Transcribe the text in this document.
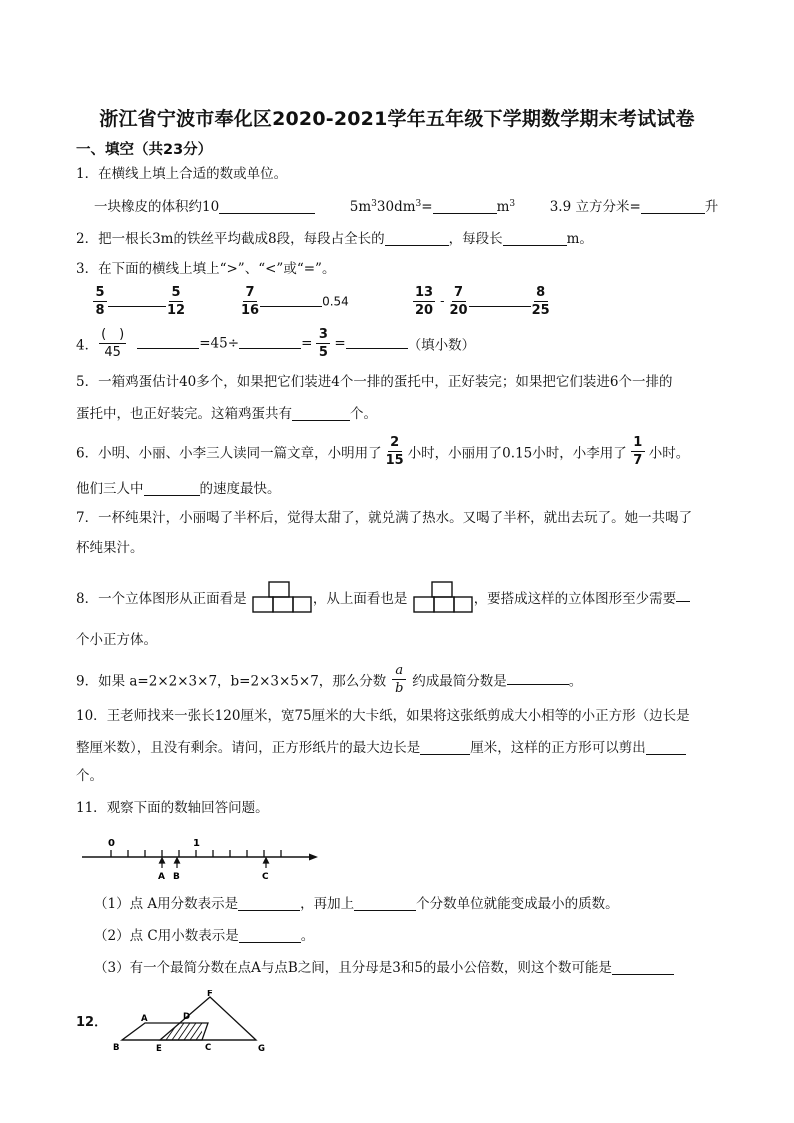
浙江省宁波市奉化区2020-2021学年五年级下学期数学期末考试试卷
一、填空（共23分）
1．在横线上填上合适的数或单位。
一块橡皮的体积约10	$5m^330dm^3=$	$m^3$	3.9 立方分米=	升
2．把一根长3m的铁丝平均截成8段，每段占全长的	，每段长	m。
3．在下面的横线上填上“>”、“<”或“=”。
$\frac{5}{8}$	$\frac{5}{12}$	$\frac{7}{16}$	0.54	$\frac{13}{20} - \frac{7}{20}$	$\frac{8}{25}$
4． $\frac{( )}{45}$	=45÷	= $\frac{3}{5}$ =	（填小数）
5．一箱鸡蛋估计40多个，如果把它们装进4个一排的蛋托中，正好装完；如果把它们装进6个一排的
蛋托中，也正好装完。这箱鸡蛋共有	个。
6．小明、小丽、小李三人读同一篇文章，小明用了 $\frac{2}{15}$ 小时，小丽用了0.15小时，小李用了 $\frac{1}{7}$ 小时。
他们三人中	的速度最快。
7．一杯纯果汁，小丽喝了半杯后，觉得太甜了，就兑满了热水。又喝了半杯，就出去玩了。她一共喝了
杯纯果汁。
8．一个立体图形从正面看是	，从上面看也是	，要搭成这样的立体图形至少需要
个小正方体。
9．如果 a=2×2×3×7，b=2×3×5×7，那么分数 $\frac{a}{b}$ 约成最简分数是	。
10．王老师找来一张长120厘米，宽75厘米的大卡纸，如果将这张纸剪成大小相等的小正方形（边长是
整厘米数），且没有剩余。请问，正方形纸片的最大边长是	厘米，这样的正方形可以剪出
个。
11．观察下面的数轴回答问题。
0	1
A B	C
（1）点 A用分数表示是	，再加上	个分数单位就能变成最小的质数。
（2）点 C用小数表示是	。
（3）有一个最简分数在点A与点B之间，且分母是3和5的最小公倍数，则这个数可能是
12．	A
B	C
D
E
F
G
